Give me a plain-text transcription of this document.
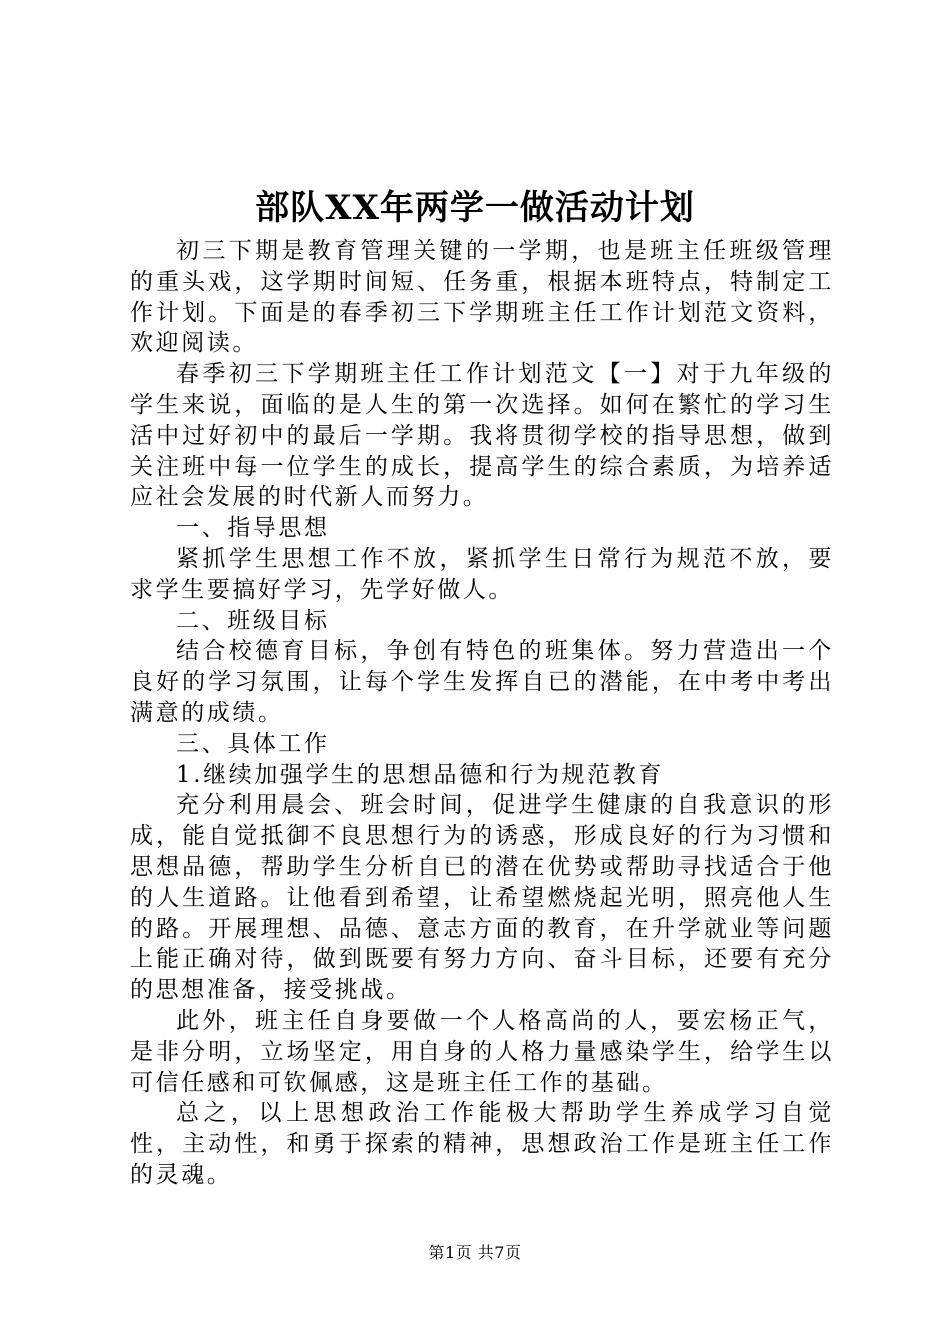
部队XX年两学一做活动计划

初三下期是教育管理关键的一学期，也是班主任班级管理的重头戏，这学期时间短、任务重，根据本班特点，特制定工作计划。下面是的春季初三下学期班主任工作计划范文资料，欢迎阅读。

春季初三下学期班主任工作计划范文【一】对于九年级的学生来说，面临的是人生的第一次选择。如何在繁忙的学习生活中过好初中的最后一学期。我将贯彻学校的指导思想，做到关注班中每一位学生的成长，提高学生的综合素质，为培养适应社会发展的时代新人而努力。

一、指导思想

紧抓学生思想工作不放，紧抓学生日常行为规范不放，要求学生要搞好学习，先学好做人。

二、班级目标

结合校德育目标，争创有特色的班集体。努力营造出一个良好的学习氛围，让每个学生发挥自已的潜能，在中考中考出满意的成绩。

三、具体工作

1.继续加强学生的思想品德和行为规范教育

充分利用晨会、班会时间，促进学生健康的自我意识的形成，能自觉抵御不良思想行为的诱惑，形成良好的行为习惯和思想品德，帮助学生分析自已的潜在优势或帮助寻找适合于他的人生道路。让他看到希望，让希望燃烧起光明，照亮他人生的路。开展理想、品德、意志方面的教育，在升学就业等问题上能正确对待，做到既要有努力方向、奋斗目标，还要有充分的思想准备，接受挑战。

此外，班主任自身要做一个人格高尚的人，要宏杨正气，是非分明，立场坚定，用自身的人格力量感染学生，给学生以可信任感和可钦佩感，这是班主任工作的基础。

总之，以上思想政治工作能极大帮助学生养成学习自觉性，主动性，和勇于探索的精神，思想政治工作是班主任工作的灵魂。

第1页 共7页
